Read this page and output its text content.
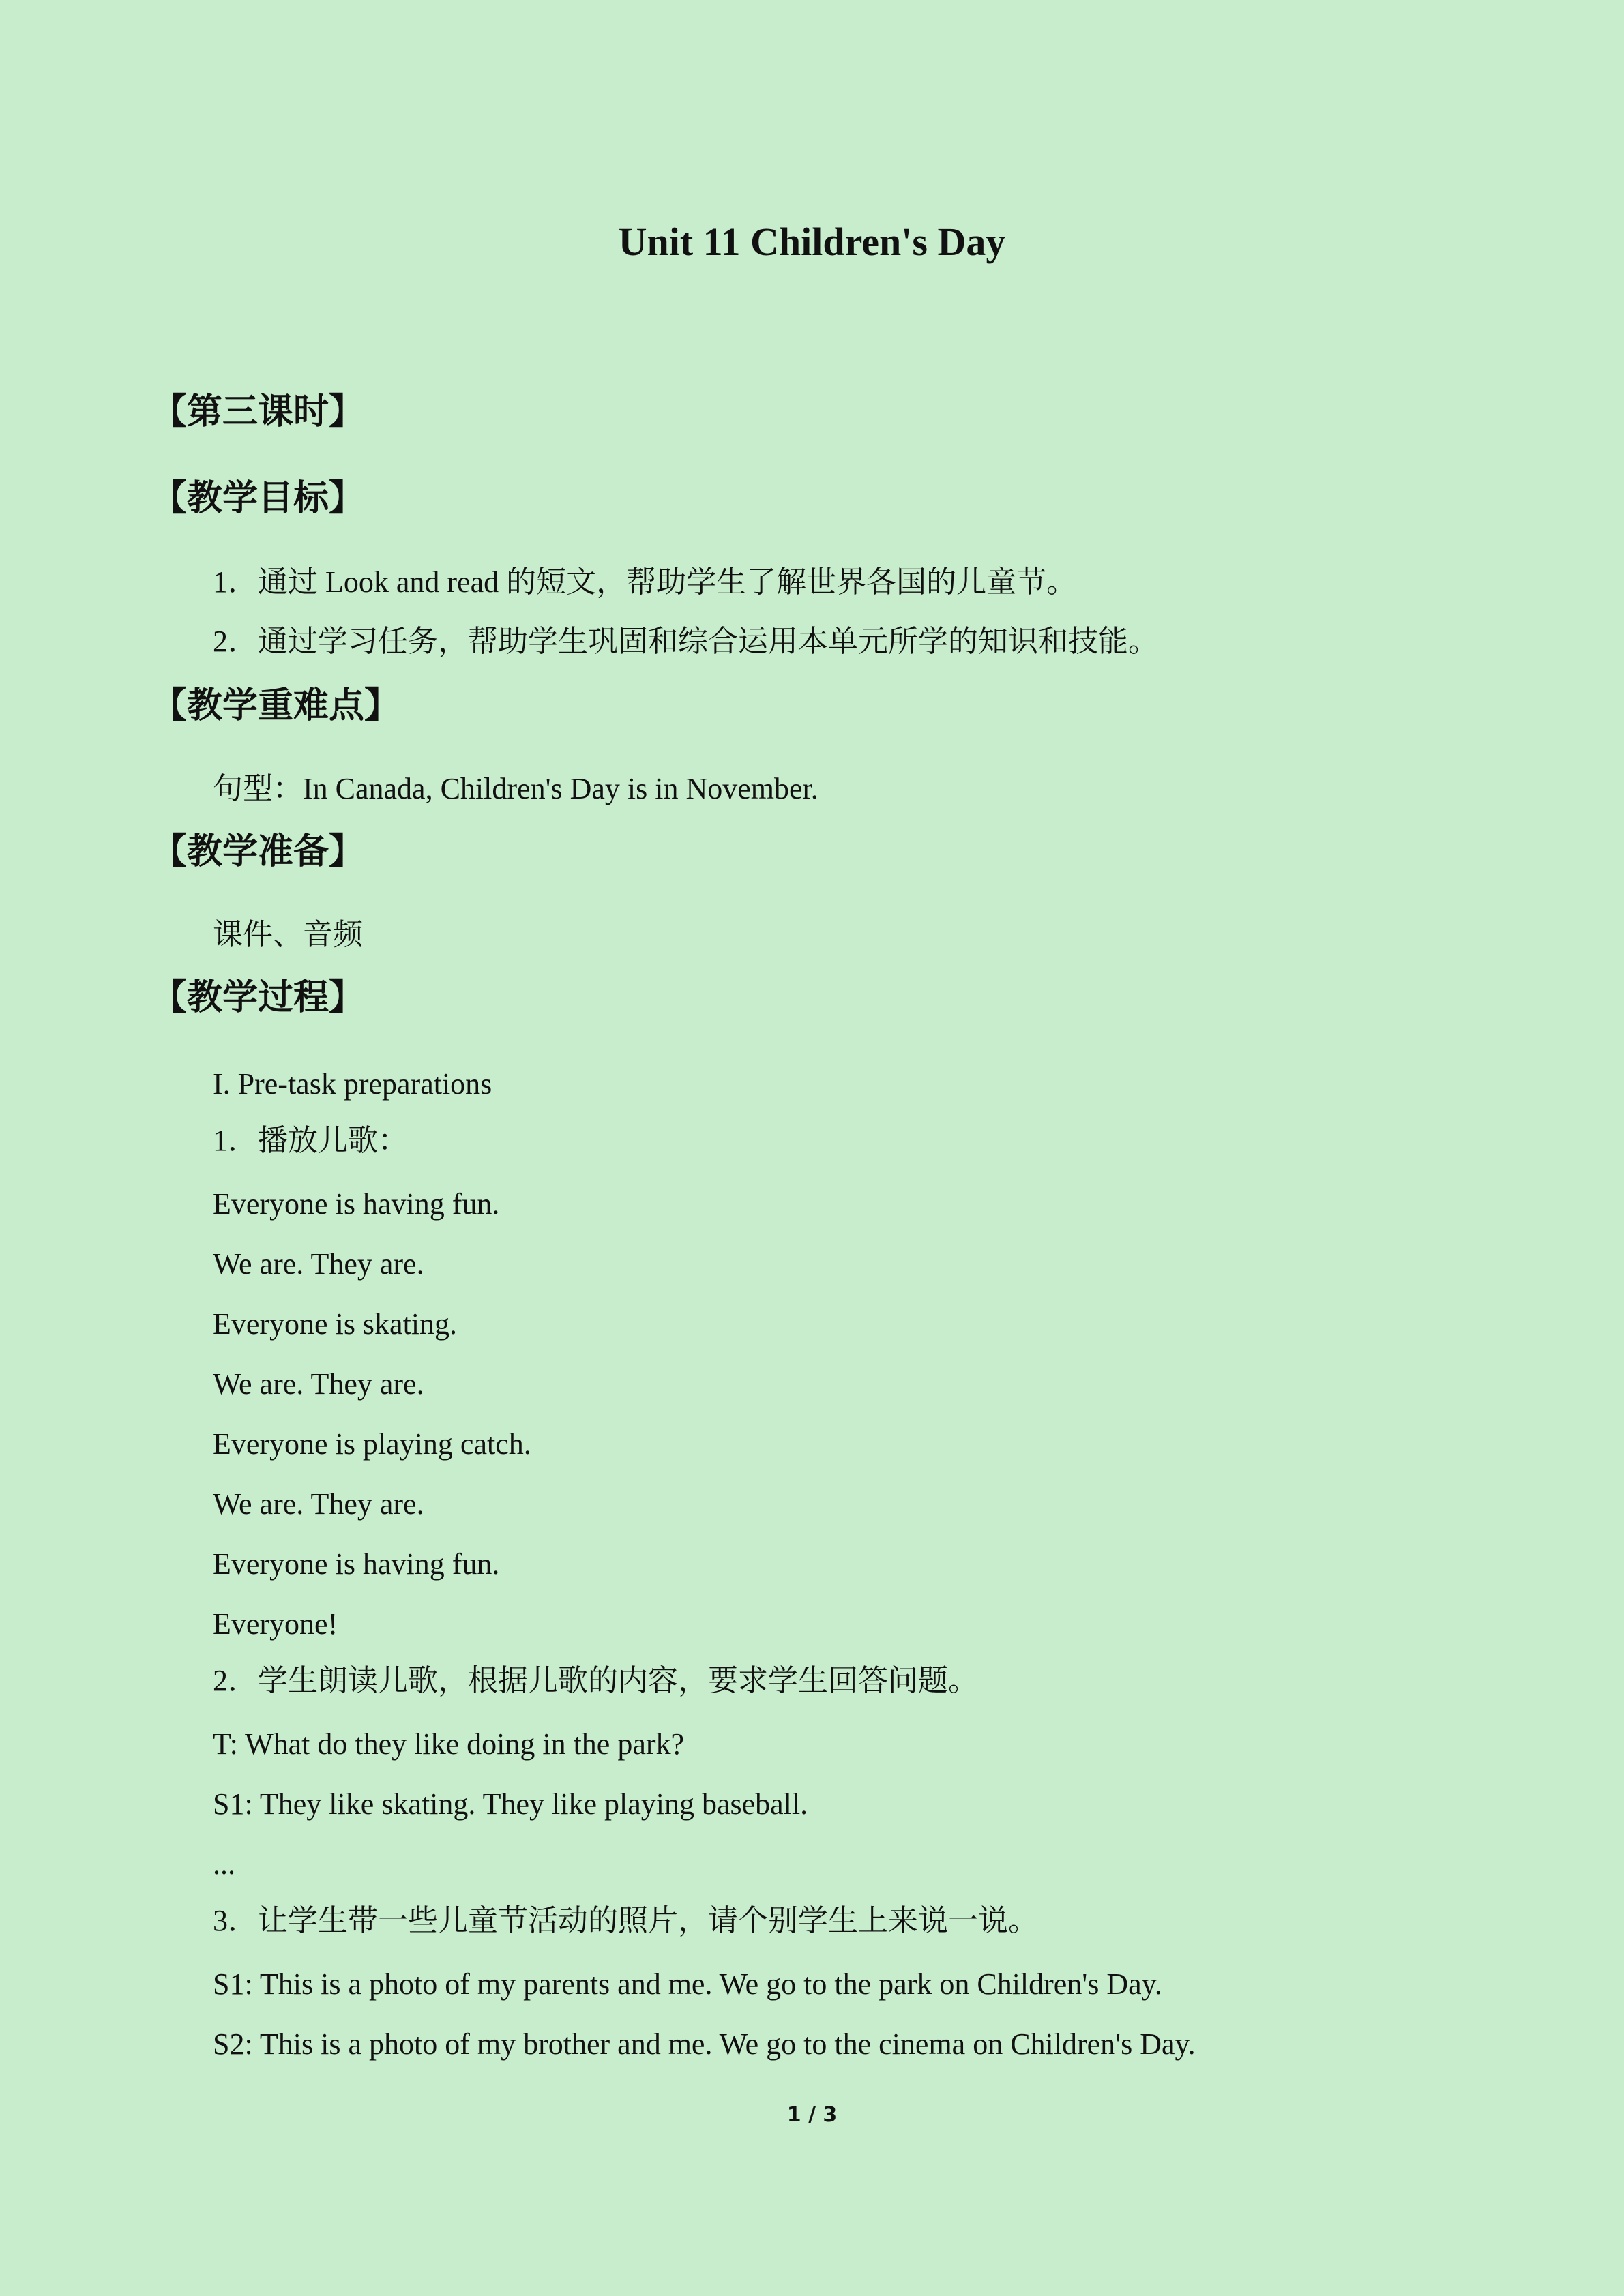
Unit 11 Children's Day
【第三课时】
【教学目标】

1．通过 Look and read 的短文，帮助学生了解世界各国的儿童节。

2．通过学习任务，帮助学生巩固和综合运用本单元所学的知识和技能。

【教学重难点】

句型：In Canada, Children's Day is in November.

【教学准备】

课件、音频

【教学过程】

I. Pre-task preparations

1．播放儿歌：

Everyone is having fun.

We are. They are.

Everyone is skating.

We are. They are.

Everyone is playing catch.

We are. They are.

Everyone is having fun.

Everyone!

2．学生朗读儿歌，根据儿歌的内容，要求学生回答问题。

T: What do they like doing in the park?

S1: They like skating. They like playing baseball.

...

3．让学生带一些儿童节活动的照片，请个别学生上来说一说。

S1: This is a photo of my parents and me. We go to the park on Children's Day.

S2: This is a photo of my brother and me. We go to the cinema on Children's Day.

1 / 3
